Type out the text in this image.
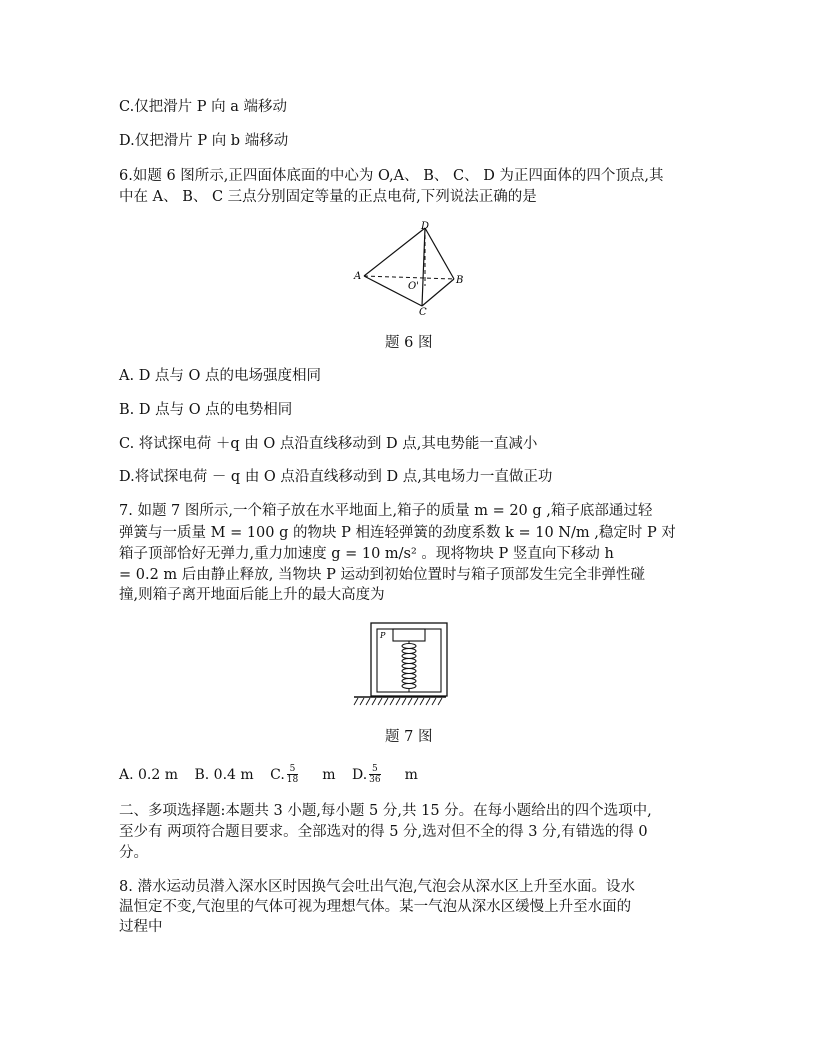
C.仅把滑片 P 向 a 端移动
D.仅把滑片 P 向 b 端移动
6.如题 6 图所示,正四面体底面的中心为 O,A、 B、 C、 D 为正四面体的四个顶点,其
中在 A、 B、 C 三点分别固定等量的正点电荷,下列说法正确的是
D
A	B
C
O'
题 6 图
A. D 点与 O 点的电场强度相同
B. D 点与 O 点的电势相同
C. 将试探电荷 ＋q 由 O 点沿直线移动到 D 点,其电势能一直减小
D.将试探电荷 － q 由 O 点沿直线移动到 D 点,其电场力一直做正功
7. 如题 7 图所示,一个箱子放在水平地面上,箱子的质量 m = 20 g ,箱子底部通过轻
弹簧与一质量 M = 100 g 的物块 P 相连轻弹簧的劲度系数 k = 10 N/m ,稳定时 P 对
箱子顶部恰好无弹力,重力加速度 g = 10 m/s² 。现将物块 P 竖直向下移动 h
= 0.2 m 后由静止释放, 当物块 P 运动到初始位置时与箱子顶部发生完全非弹性碰
撞,则箱子离开地面后能上升的最大高度为
P
题 7 图
A. 0.2 m B. 0.4 m C. $\frac{5}{18}$ m D. $\frac{5}{36}$ m
二、多项选择题:本题共 3 小题,每小题 5 分,共 15 分。在每小题给出的四个选项中,
至少有 两项符合题目要求。全部选对的得 5 分,选对但不全的得 3 分,有错选的得 0
分。
8. 潜水运动员潜入深水区时因换气会吐出气泡,气泡会从深水区上升至水面。设水
温恒定不变,气泡里的气体可视为理想气体。某一气泡从深水区缓慢上升至水面的
过程中
